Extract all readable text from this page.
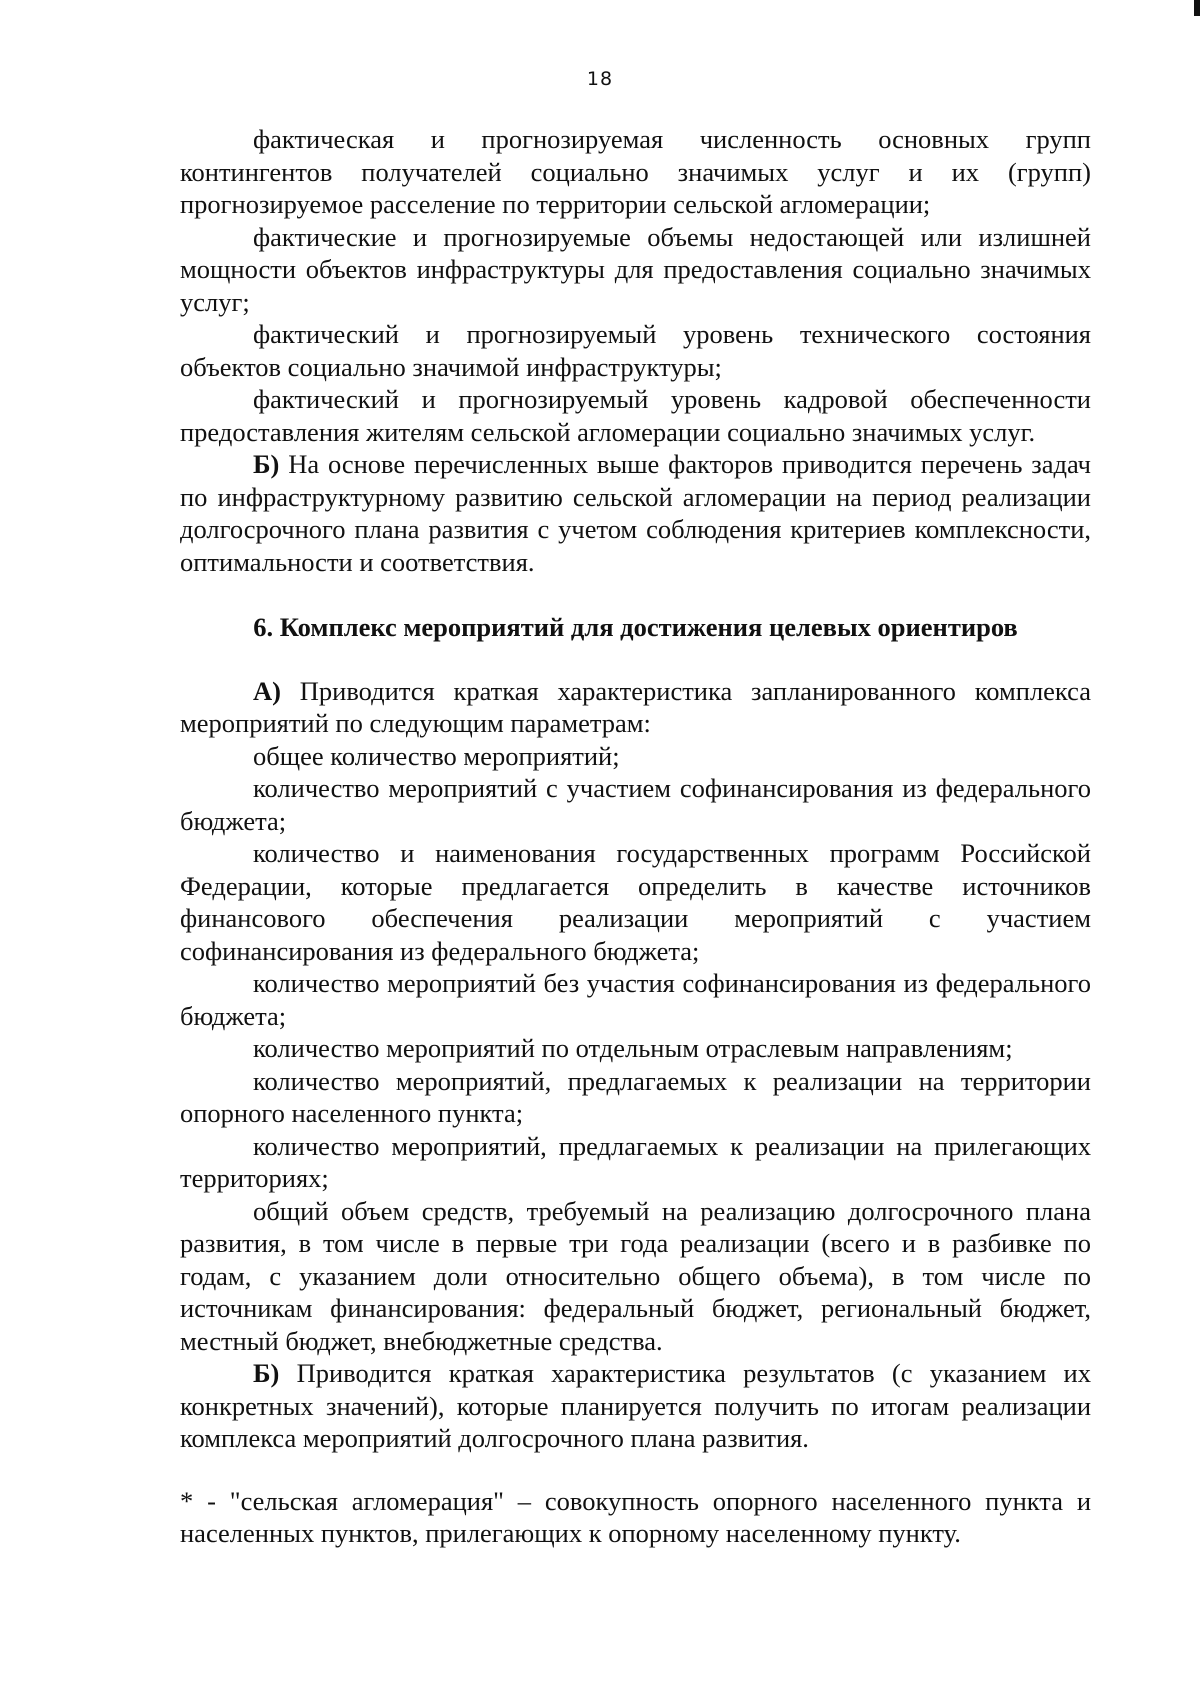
18

фактическая и прогнозируемая численность основных групп контингентов получателей социально значимых услуг и их (групп) прогнозируемое расселение по территории сельской агломерации;

фактические и прогнозируемые объемы недостающей или излишней мощности объектов инфраструктуры для предоставления социально значимых услуг;

фактический и прогнозируемый уровень технического состояния объектов социально значимой инфраструктуры;

фактический и прогнозируемый уровень кадровой обеспеченности предоставления жителям сельской агломерации социально значимых услуг.

Б) На основе перечисленных выше факторов приводится перечень задач по инфраструктурному развитию сельской агломерации на период реализации долгосрочного плана развития с учетом соблюдения критериев комплексности, оптимальности и соответствия.

6. Комплекс мероприятий для достижения целевых ориентиров

А) Приводится краткая характеристика запланированного комплекса мероприятий по следующим параметрам:

общее количество мероприятий;

количество мероприятий с участием софинансирования из федерального бюджета;

количество и наименования государственных программ Российской Федерации, которые предлагается определить в качестве источников финансового обеспечения реализации мероприятий с участием софинансирования из федерального бюджета;

количество мероприятий без участия софинансирования из федерального бюджета;

количество мероприятий по отдельным отраслевым направлениям;

количество мероприятий, предлагаемых к реализации на территории опорного населенного пункта;

количество мероприятий, предлагаемых к реализации на прилегающих территориях;

общий объем средств, требуемый на реализацию долгосрочного плана развития, в том числе в первые три года реализации (всего и в разбивке по годам, с указанием доли относительно общего объема), в том числе по источникам финансирования: федеральный бюджет, региональный бюджет, местный бюджет, внебюджетные средства.

Б) Приводится краткая характеристика результатов (с указанием их конкретных значений), которые планируется получить по итогам реализации комплекса мероприятий долгосрочного плана развития.

* - "сельская агломерация" – совокупность опорного населенного пункта и населенных пунктов, прилегающих к опорному населенному пункту.
